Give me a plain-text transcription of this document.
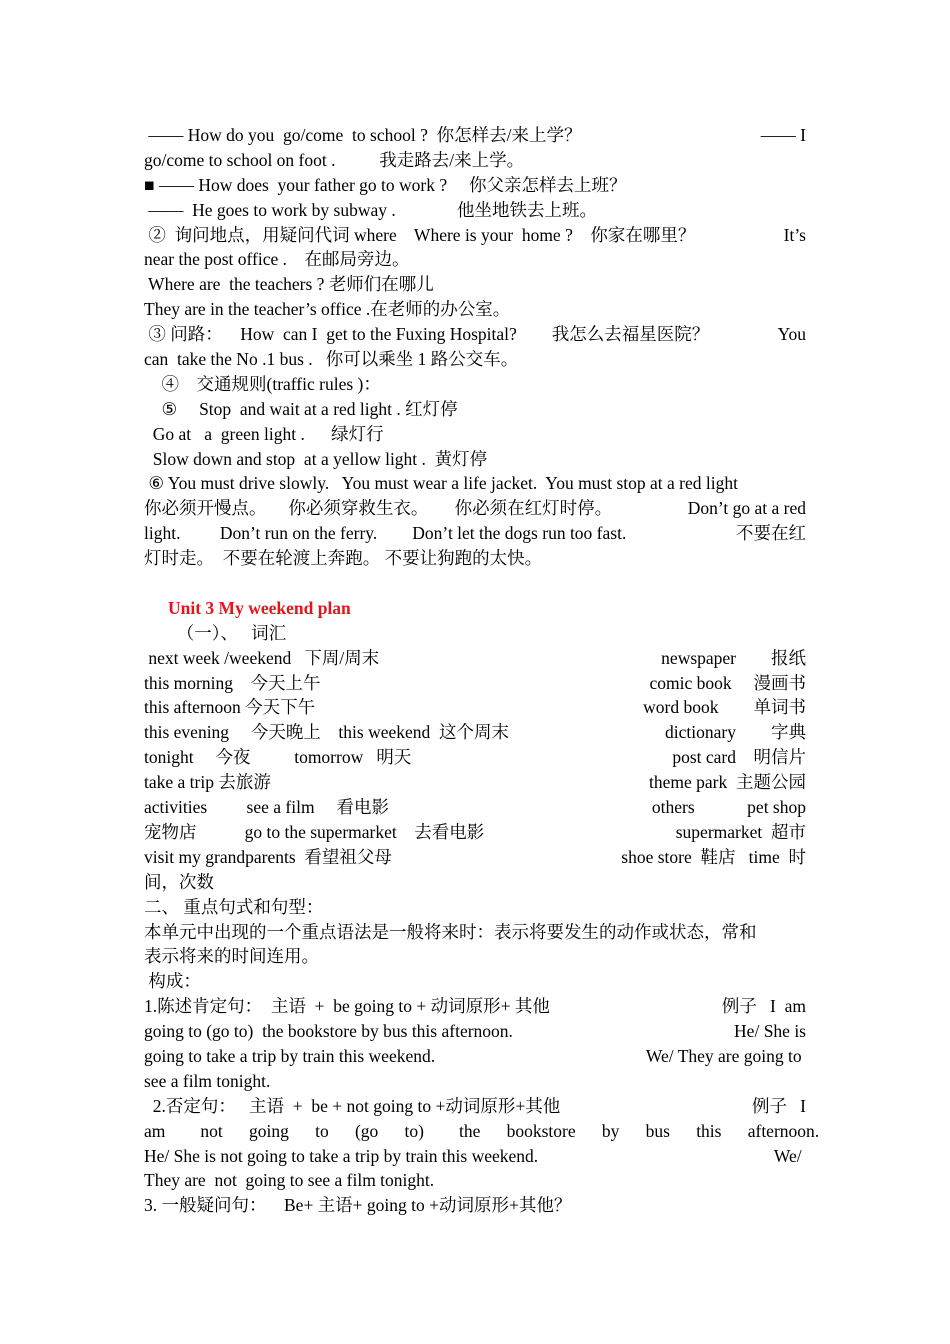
—— How do you  go/come  to school ?  你怎样去/来上学？	—— I
go/come to school on foot .          我走路去/来上学。
■ —— How does  your father go to work ?     你父亲怎样去上班？
——  He goes to work by subway .              他坐地铁去上班。
②  询问地点，用疑问代词 where    Where is your  home ?    你家在哪里？	It’s
near the post office .    在邮局旁边。
Where are  the teachers ? 老师们在哪儿
They are in the teacher’s office .在老师的办公室。
③ 问路：    How  can I  get to the Fuxing Hospital?        我怎么去福星医院？	You
can  take the No .1 bus .   你可以乘坐 1 路公交车。
④    交通规则(traffic rules )：
⑤     Stop  and wait at a red light . 红灯停
Go at   a  green light .      绿灯行
Slow down and stop  at a yellow light .  黄灯停
⑥ You must drive slowly.   You must wear a life jacket.  You must stop at a red light
你必须开慢点。     你必须穿救生衣。      你必须在红灯时停。	Don’t go at a red
light.         Don’t run on the ferry.        Don’t let the dogs run too fast.	不要在红
灯时走。  不要在轮渡上奔跑。 不要让狗跑的太快。
Unit 3 My weekend plan
（一）、   词汇
next week /weekend   下周/周末	newspaper        报纸
this morning    今天上午	comic book     漫画书
this afternoon 今天下午	word book        单词书
this evening     今天晚上    this weekend  这个周末	dictionary        字典
tonight     今夜          tomorrow   明天	post card    明信片
take a trip 去旅游	theme park  主题公园
activities         see a film     看电影	others            pet shop
宠物店           go to the supermarket    去看电影	supermarket  超市
visit my grandparents  看望祖父母	shoe store  鞋店   time  时
间，次数
二、 重点句式和句型：
本单元中出现的一个重点语法是一般将来时：表示将要发生的动作或状态，常和
表示将来的时间连用。
构成：
1.陈述肯定句：  主语  +  be going to + 动词原形+ 其他	例子   I  am
going to (go to)  the bookstore by bus this afternoon.	He/ She is
going to take a trip by train this weekend.	We/ They are going to
see a film tonight.
2.否定句：   主语  +  be + not going to +动词原形+其他	例子   I
am        not      going      to      (go      to)        the      bookstore      by      bus      this      afternoon.
He/ She is not going to take a trip by train this weekend.	We/
They are  not  going to see a film tonight.
3. 一般疑问句：    Be+ 主语+ going to +动词原形+其他？
